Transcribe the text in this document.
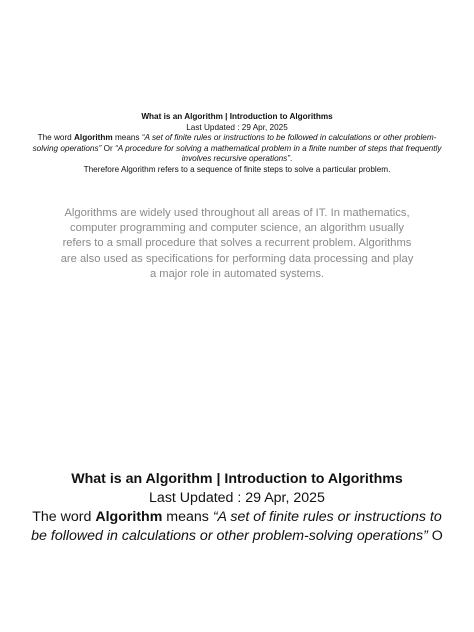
What is an Algorithm | Introduction to Algorithms
Last Updated : 29 Apr, 2025
The word Algorithm means “A set of finite rules or instructions to be followed in calculations or other problem-solving operations” Or “A procedure for solving a mathematical problem in a finite number of steps that frequently involves recursive operations”.
Therefore Algorithm refers to a sequence of finite steps to solve a particular problem.
Algorithms are widely used throughout all areas of IT. In mathematics, computer programming and computer science, an algorithm usually refers to a small procedure that solves a recurrent problem. Algorithms are also used as specifications for performing data processing and play a major role in automated systems.
What is an Algorithm | Introduction to Algorithms
Last Updated : 29 Apr, 2025
The word Algorithm means “A set of finite rules or instructions to
be followed in calculations or other problem-solving operations” O
